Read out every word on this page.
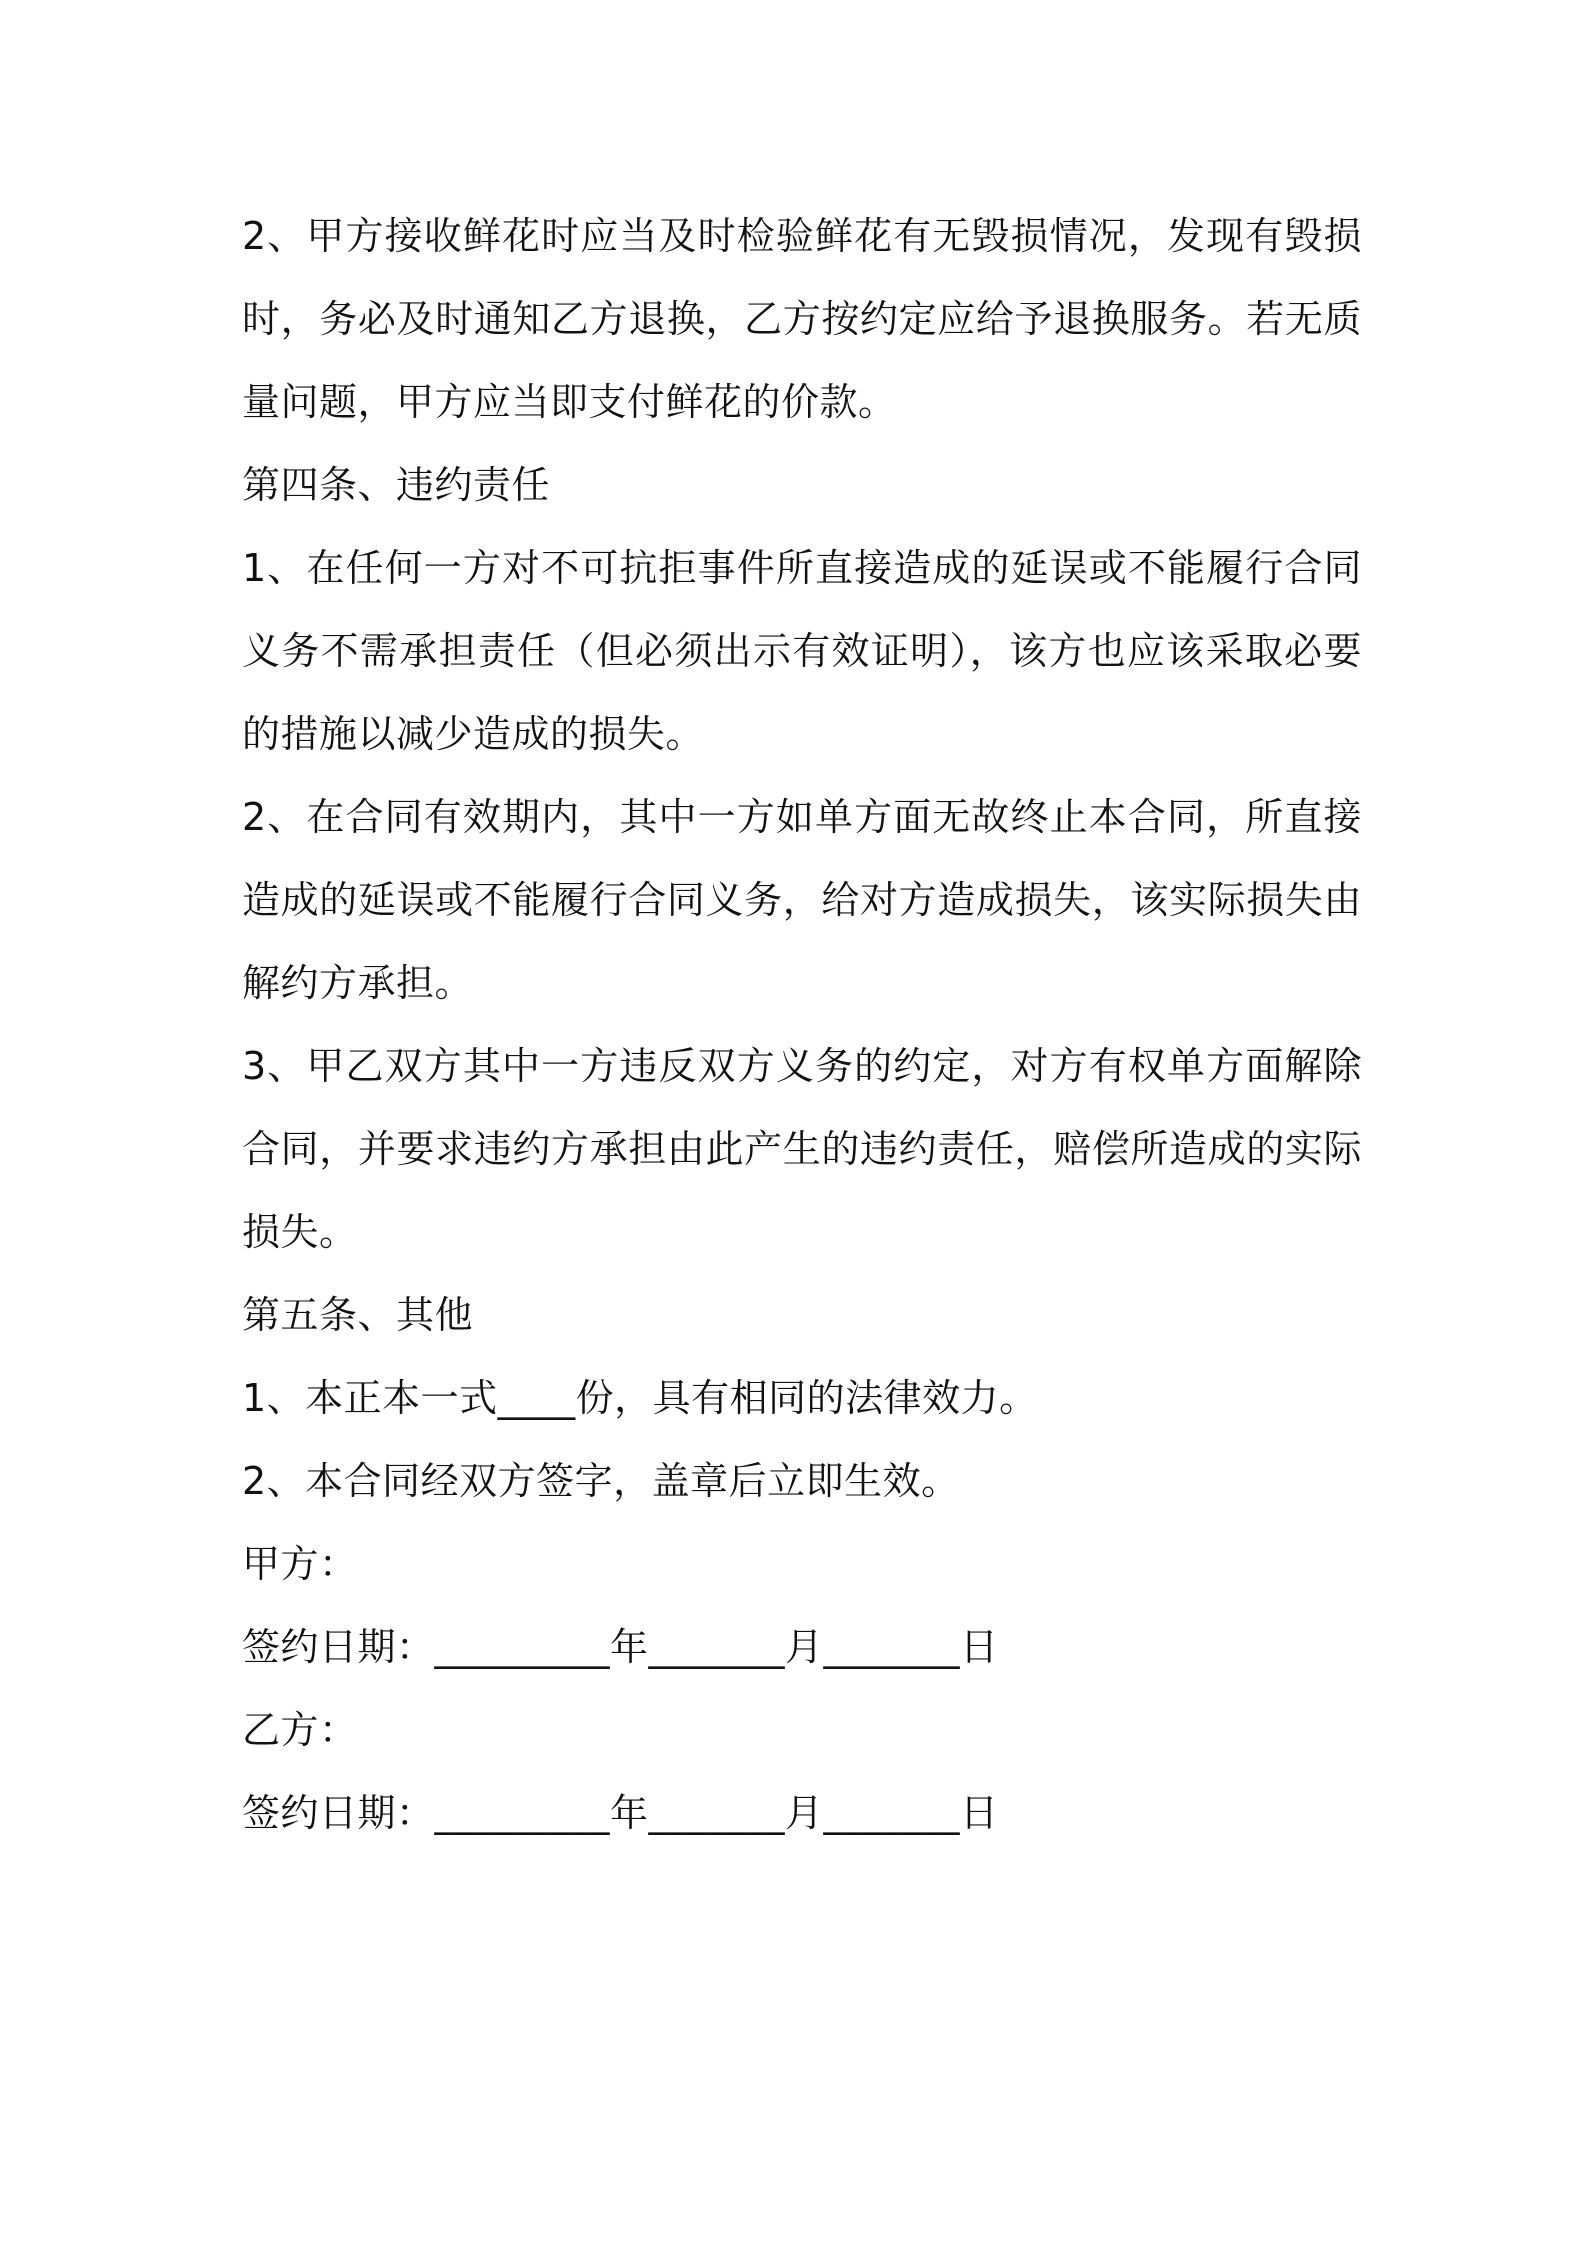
2、甲方接收鲜花时应当及时检验鲜花有无毁损情况，发现有毁损时，务必及时通知乙方退换，乙方按约定应给予退换服务。若无质量问题，甲方应当即支付鲜花的价款。

第四条、违约责任

1、在任何一方对不可抗拒事件所直接造成的延误或不能履行合同义务不需承担责任（但必须出示有效证明），该方也应该采取必要的措施以减少造成的损失。

2、在合同有效期内，其中一方如单方面无故终止本合同，所直接造成的延误或不能履行合同义务，给对方造成损失，该实际损失由解约方承担。

3、甲乙双方其中一方违反双方义务的约定，对方有权单方面解除合同，并要求违约方承担由此产生的违约责任，赔偿所造成的实际损失。

第五条、其他

1、本正本一式____份，具有相同的法律效力。

2、本合同经双方签字，盖章后立即生效。

甲方：

签约日期：_________年_______月_______日

乙方：

签约日期：_________年_______月_______日
